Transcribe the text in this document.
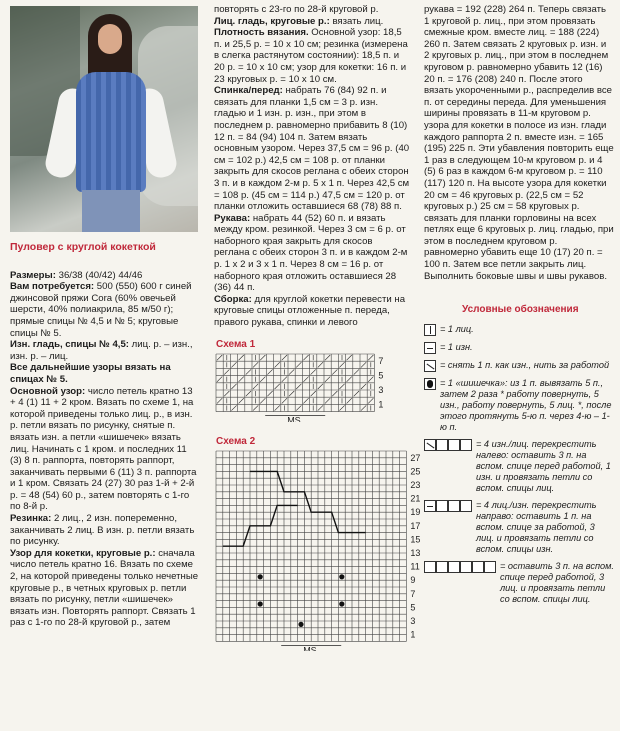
Пуловер с круглой кокеткой

Размеры: 36/38 (40/42) 44/46

Вам потребуется: 500 (550) 600 г синей джинсовой пряжи Cora (60% овечьей шерсти, 40% полиакрила, 85 м/50 г); прямые спицы № 4,5 и № 5; круговые спицы № 5.

Изн. гладь, спицы № 4,5: лиц. р. – изн., изн. р. – лиц.

Все дальнейшие узоры вязать на спицах № 5.

Основной узор: число петель кратно 13 + 4 (1) 11 + 2 кром. Вязать по схеме 1, на которой приведены только лиц. р., в изн. р. петли вязать по рисунку, снятые п. вязать изн. а петли «шишечек» вязать лиц. Начинать с 1 кром. и последних 11 (3) 8 п. раппорта, повторять раппорт, заканчивать первыми 6 (11) 3 п. раппорта и 1 кром. Связать 24 (27) 30 раз 1-й + 2-й р. = 48 (54) 60 р., затем повторять с 1-го по 8-й р.

Резинка: 2 лиц., 2 изн. попеременно, заканчивать 2 лиц. В изн. р. петли вязать по рисунку.

Узор для кокетки, круговые р.: сначала число петель кратно 16. Вязать по схеме 2, на которой приведены только нечетные круговые р., в четных круговых р. петли вязать по рисунку, петли «шишечек» вязать изн. Повторять раппорт. Связать 1 раз с 1-го по 28-й круговой р., затем

повторять с 23-го по 28-й круговой р.

Лиц. гладь, круговые р.: вязать лиц.

Плотность вязания. Основной узор: 18,5 п. и 25,5 р. = 10 х 10 см; резинка (измерена в слегка растянутом состоянии): 18,5 п. и 20 р. = 10 х 10 см; узор для кокетки: 16 п. и 23 круговых р. = 10 х 10 см.

Спинка/перед: набрать 76 (84) 92 п. и связать для планки 1,5 см = 3 р. изн. гладью и 1 изн. р. изн., при этом в последнем р. равномерно прибавить 8 (10) 12 п. = 84 (94) 104 п. Затем вязать основным узором. Через 37,5 см = 96 р. (40 см = 102 р.) 42,5 см = 108 р. от планки закрыть для скосов реглана с обеих сторон 3 п. и в каждом 2-м р. 5 х 1 п. Через 42,5 см = 108 р. (45 см = 114 р.) 47,5 см = 120 р. от планки отложить оставшиеся 68 (78) 88 п.

Рукава: набрать 44 (52) 60 п. и вязать между кром. резинкой. Через 3 см = 6 р. от наборного края закрыть для скосов реглана с обеих сторон 3 п. и в каждом 2-м р. 1 х 2 и 3 х 1 п. Через 8 см = 16 р. от наборного края отложить оставшиеся 28 (36) 44 п.

Сборка: для круглой кокетки перевести на круговые спицы отложенные п. переда, правого рукава, спинки и левого

Схема 1
7
5
3
1
MS
Схема 2
27
25
23
21
19
17
15
13
11
9
7
5
3
1
MS

рукава = 192 (228) 264 п. Теперь связать 1 круговой р. лиц., при этом провязать смежные кром. вместе лиц. = 188 (224) 260 п. Затем связать 2 круговых р. изн. и 2 круговых р. лиц., при этом в последнем круговом р. равномерно убавить 12 (16) 20 п. = 176 (208) 240 п. После этого вязать укороченными р., распределив все п. от середины переда. Для уменьшения ширины провязать в 11-м круговом р. узора для кокетки в полосе из изн. глади каждого раппорта 2 п. вместе изн. = 165 (195) 225 п. Эти убавления повторить еще 1 раз в следующем 10-м круговом р. и 4 (5) 6 раз в каждом 6-м круговом р. = 110 (117) 120 п. На высоте узора для кокетки 20 см = 46 круговых р. (22,5 см = 52 круговых р.) 25 см = 58 круговых р. связать для планки горловины на всех петлях еще 6 круговых р. лиц. гладью, при этом в последнем круговом р. равномерно убавить еще 10 (17) 20 п. = 100 п. Затем все петли закрыть лиц. Выполнить боковые швы и швы рукавов.

Условные обозначения
= 1 лиц.
= 1 изн.
= снять 1 п. как изн., нить за работой
= 1 «шишечка»: из 1 п. вывязать 5 п., затем 2 раза * работу повернуть, 5 изн., работу повернуть, 5 лиц. *, после этого протянуть 5-ю п. через 4-ю – 1-ю п.
= 4 изн./лиц. перекрестить налево: оставить 3 п. на вспом. спице перед работой, 1 изн. и провязать петли со вспом. спицы лиц.
= 4 лиц./изн. перекрестить направо: оставить 1 п. на вспом. спице за работой, 3 лиц. и провязать петли со вспом. спицы изн.
= оставить 3 п. на вспом. спице перед работой, 3 лиц. и провязать петли со вспом. спицы лиц.
